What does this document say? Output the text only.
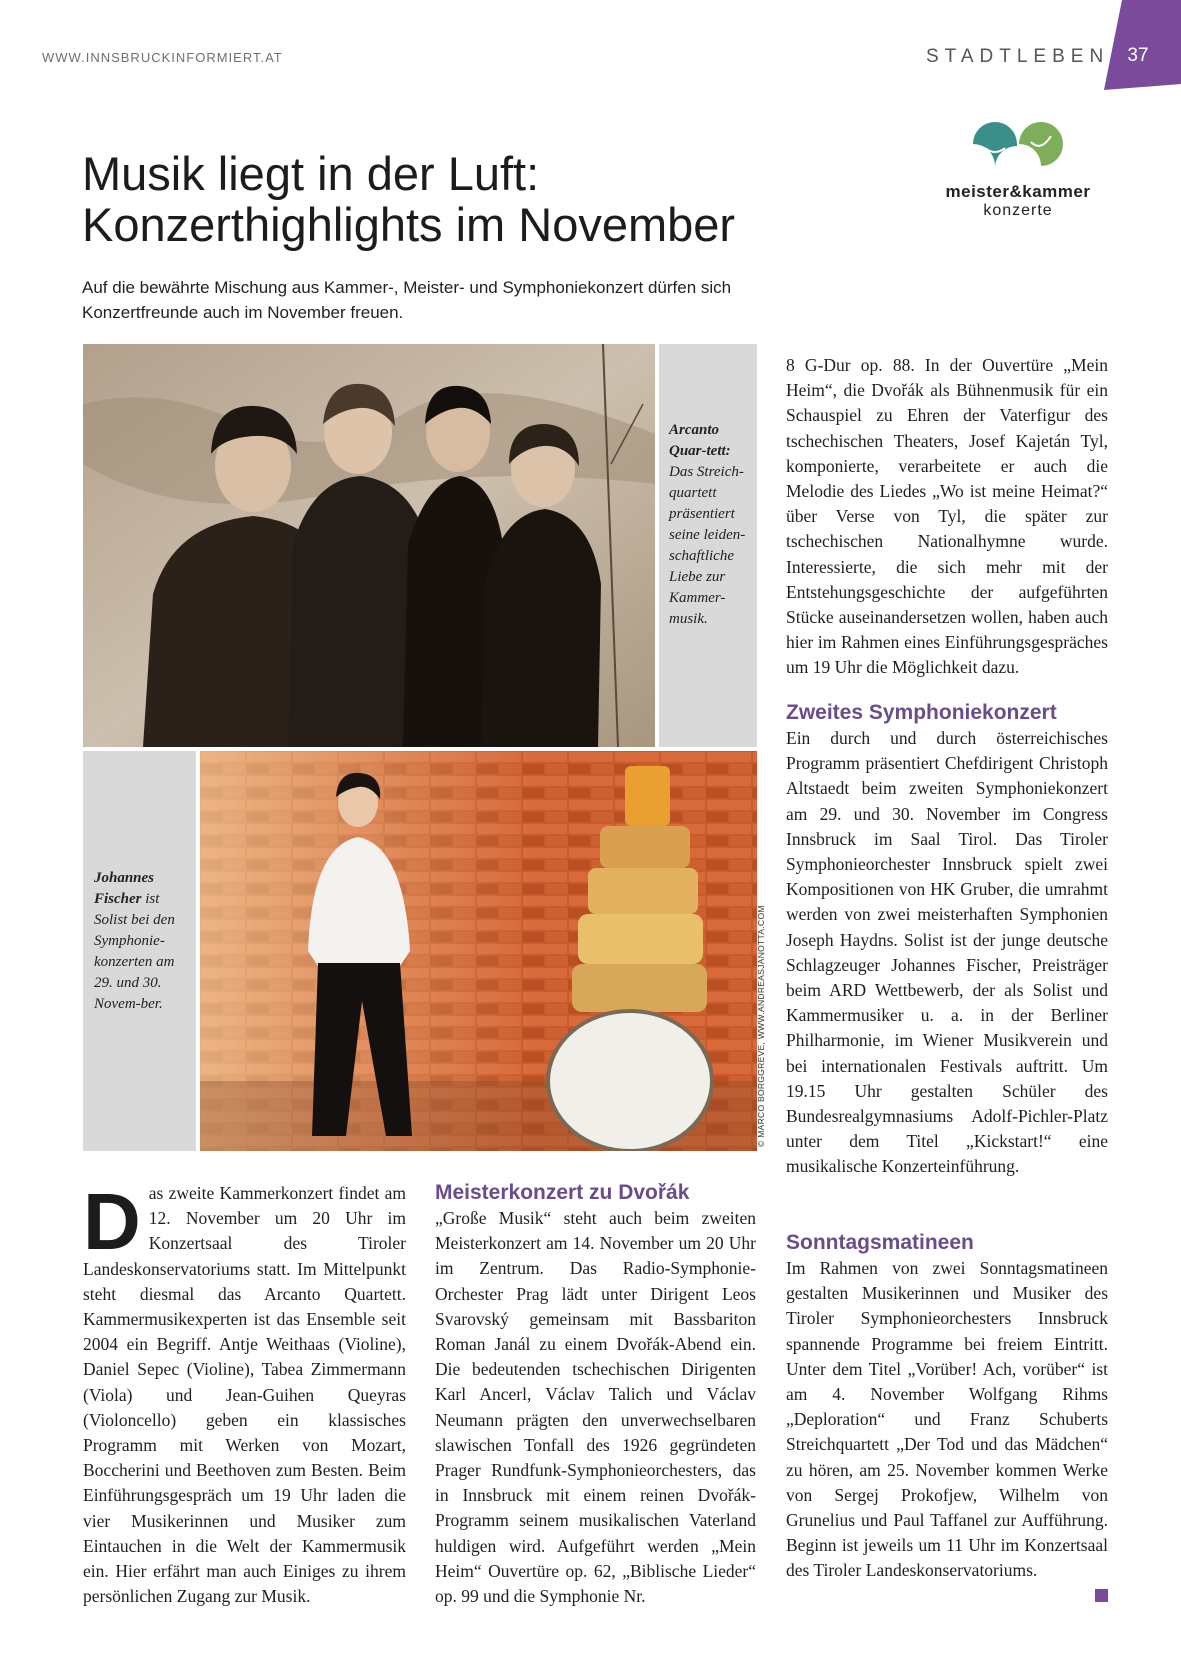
WWW.INNSBRUCKINFORMIERT.AT	STADTLEBEN 37
meister&kammer
konzerte
Musik liegt in der Luft:
Konzerthighlights im November
Auf die bewährte Mischung aus Kammer-, Meister- und Symphoniekonzert dürfen sich Konzertfreunde auch im November freuen.
Arcanto Quar-tett: Das Streich-quartett präsentiert seine leiden-schaftliche Liebe zur Kammer-musik.
Johannes Fischer ist Solist bei den Symphonie-konzerten am 29. und 30. Novem-ber.	© MARCO BORGGREVE, WWW.ANDREASJANOTTA.COM
D as zweite Kammerkonzert findet am 12. November um 20 Uhr im Konzertsaal des Tiroler Landeskonservatoriums statt. Im Mittelpunkt steht diesmal das Arcanto Quartett. Kammermusikexperten ist das Ensemble seit 2004 ein Begriff. Antje Weithaas (Violine), Daniel Sepec (Violine), Tabea Zimmermann (Viola) und Jean-Guihen Queyras (Violoncello) geben ein klassisches Programm mit Werken von Mozart, Boccherini und Beethoven zum Besten. Beim Einführungsgespräch um 19 Uhr laden die vier Musikerinnen und Musiker zum Eintauchen in die Welt der Kammermusik ein. Hier erfährt man auch Einiges zu ihrem persönlichen Zugang zur Musik.

Meisterkonzert zu Dvořák

„Große Musik“ steht auch beim zweiten Meisterkonzert am 14. November um 20 Uhr im Zentrum. Das Radio-Symphonie-Orchester Prag lädt unter Dirigent Leos Svarovský gemeinsam mit Bassbariton Roman Janál zu einem Dvořák-Abend ein. Die bedeutenden tschechischen Dirigenten Karl Ancerl, Václav Talich und Václav Neumann prägten den unverwechselbaren slawischen Tonfall des 1926 gegründeten Prager Rundfunk-Symphonieorchesters, das in Innsbruck mit einem reinen Dvořák-Programm seinem musikalischen Vaterland huldigen wird. Aufgeführt werden „Mein Heim“ Ouvertüre op. 62, „Biblische Lieder“ op. 99 und die Symphonie Nr.

8 G-Dur op. 88. In der Ouvertüre „Mein Heim“, die Dvořák als Bühnenmusik für ein Schauspiel zu Ehren der Vaterfigur des tschechischen Theaters, Josef Kajetán Tyl, komponierte, verarbeitete er auch die Melodie des Liedes „Wo ist meine Heimat?“ über Verse von Tyl, die später zur tschechischen Nationalhymne wurde. Interessierte, die sich mehr mit der Entstehungsgeschichte der aufgeführten Stücke auseinandersetzen wollen, haben auch hier im Rahmen eines Einführungsgespräches um 19 Uhr die Möglichkeit dazu.

Zweites Symphoniekonzert

Ein durch und durch österreichisches Programm präsentiert Chefdirigent Christoph Altstaedt beim zweiten Symphoniekonzert am 29. und 30. November im Congress Innsbruck im Saal Tirol. Das Tiroler Symphonieorchester Innsbruck spielt zwei Kompositionen von HK Gruber, die umrahmt werden von zwei meisterhaften Symphonien Joseph Haydns. Solist ist der junge deutsche Schlagzeuger Johannes Fischer, Preisträger beim ARD Wettbewerb, der als Solist und Kammermusiker u. a. in der Berliner Philharmonie, im Wiener Musikverein und bei internationalen Festivals auftritt. Um 19.15 Uhr gestalten Schüler des Bundesrealgymnasiums Adolf-Pichler-Platz unter dem Titel „Kickstart!“ eine musikalische Konzerteinführung.

Sonntagsmatineen

Im Rahmen von zwei Sonntagsmatineen gestalten Musikerinnen und Musiker des Tiroler Symphonieorchesters Innsbruck spannende Programme bei freiem Eintritt. Unter dem Titel „Vorüber! Ach, vorüber“ ist am 4. November Wolfgang Rihms „Deploration“ und Franz Schuberts Streichquartett „Der Tod und das Mädchen“ zu hören, am 25. November kommen Werke von Sergej Prokofjew, Wilhelm von Grunelius und Paul Taffanel zur Aufführung. Beginn ist jeweils um 11 Uhr im Konzertsaal des Tiroler Landeskonservatoriums.
